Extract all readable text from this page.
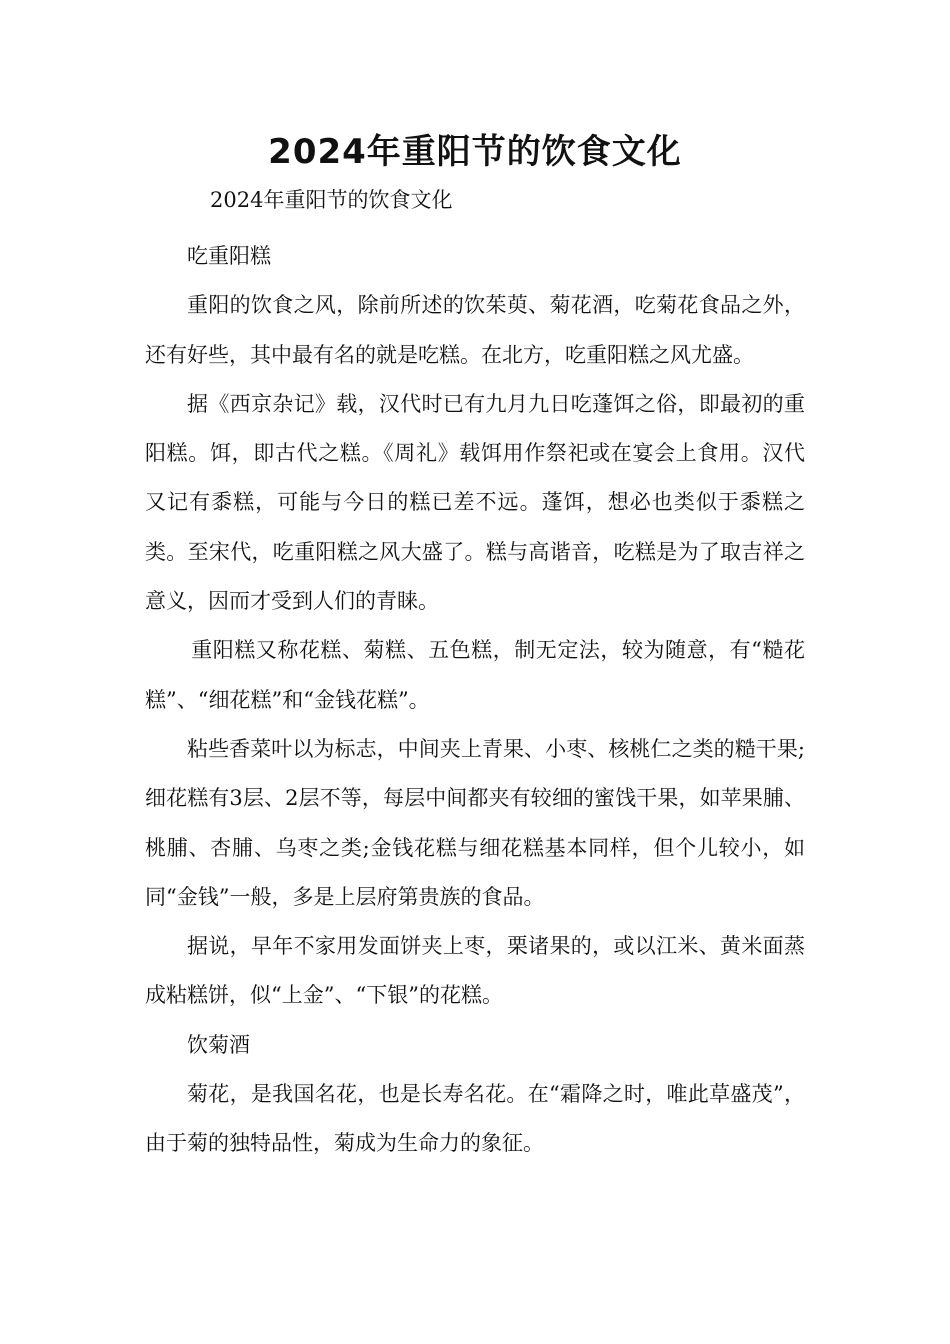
2024年重阳节的饮食文化
2024年重阳节的饮食文化

吃重阳糕

重阳的饮食之风，除前所述的饮茱萸、菊花酒，吃菊花食品之外，还有好些，其中最有名的就是吃糕。在北方，吃重阳糕之风尤盛。

据《西京杂记》载，汉代时已有九月九日吃蓬饵之俗，即最初的重阳糕。饵，即古代之糕。《周礼》载饵用作祭祀或在宴会上食用。汉代又记有黍糕，可能与今日的糕已差不远。蓬饵，想必也类似于黍糕之类。至宋代，吃重阳糕之风大盛了。糕与高谐音，吃糕是为了取吉祥之意义，因而才受到人们的青睐。

重阳糕又称花糕、菊糕、五色糕，制无定法，较为随意，有“糙花糕”、“细花糕”和“金钱花糕”。

粘些香菜叶以为标志，中间夹上青果、小枣、核桃仁之类的糙干果;细花糕有3层、2层不等，每层中间都夹有较细的蜜饯干果，如苹果脯、桃脯、杏脯、乌枣之类;金钱花糕与细花糕基本同样，但个儿较小，如同“金钱”一般，多是上层府第贵族的食品。

据说，早年不家用发面饼夹上枣，栗诸果的，或以江米、黄米面蒸成粘糕饼，似“上金”、“下银”的花糕。

饮菊酒

菊花，是我国名花，也是长寿名花。在“霜降之时，唯此草盛茂”，由于菊的独特品性，菊成为生命力的象征。
